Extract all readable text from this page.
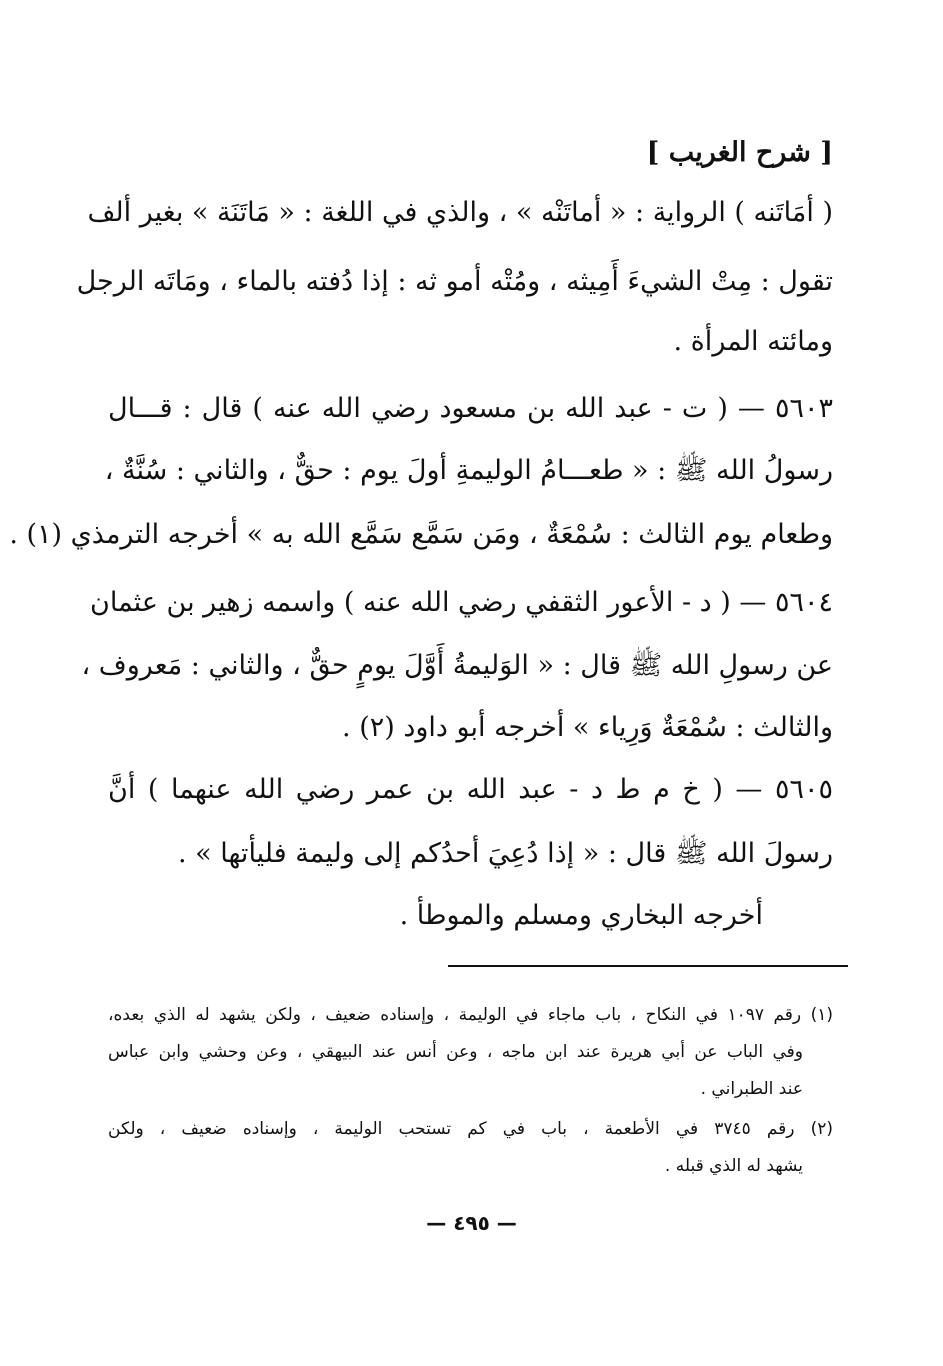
[ شرح الغريب ]
( أمَاتَنه ) الرواية : « أماتَنْه » ، والذي في اللغة : « مَاتَنَة » بغير ألف
تقول : مِتْ الشيءَ أَمِيثه ، ومُتْه أمو ثه : إذا دُفته بالماء ، ومَاتَه الرجل
ومائته المرأة .
٥٦٠٣ — ( ت - عبد الله بن مسعود رضي الله عنه ) قال : قـــال
رسولُ الله ﷺ : « طعـــامُ الوليمةِ أولَ يوم : حقٌّ ، والثاني : سُنَّةٌ ،
وطعام يوم الثالث : سُمْعَةٌ ، ومَن سَمَّع سَمَّع الله به » أخرجه الترمذي (١) .
٥٦٠٤ — ( د - الأعور الثقفي رضي الله عنه ) واسمه زهير بن عثمان
عن رسولِ الله ﷺ قال : « الوَليمةُ أَوَّلَ يومٍ حقٌّ ، والثاني : مَعروف ،
والثالث : سُمْعَةٌ وَرِياء » أخرجه أبو داود (٢) .
٥٦٠٥ — ( خ م ط د - عبد الله بن عمر رضي الله عنهما ) أنَّ
رسولَ الله ﷺ قال : « إذا دُعِيَ أحدُكم إلى وليمة فليأتها » .
أخرجه البخاري ومسلم والموطأ .
(١) رقم ١٠٩٧ في النكاح ، باب ماجاء في الوليمة ، وإسناده ضعيف ، ولكن يشهد له الذي بعده،
وفي الباب عن أبي هريرة عند ابن ماجه ، وعن أنس عند البيهقي ، وعن وحشي وابن عباس
عند الطبراني .
(٢) رقم ٣٧٤٥ في الأطعمة ، باب في كم تستحب الوليمة ، وإسناده ضعيف ، ولكن
يشهد له الذي قبله .
— ٤٩٥ —
